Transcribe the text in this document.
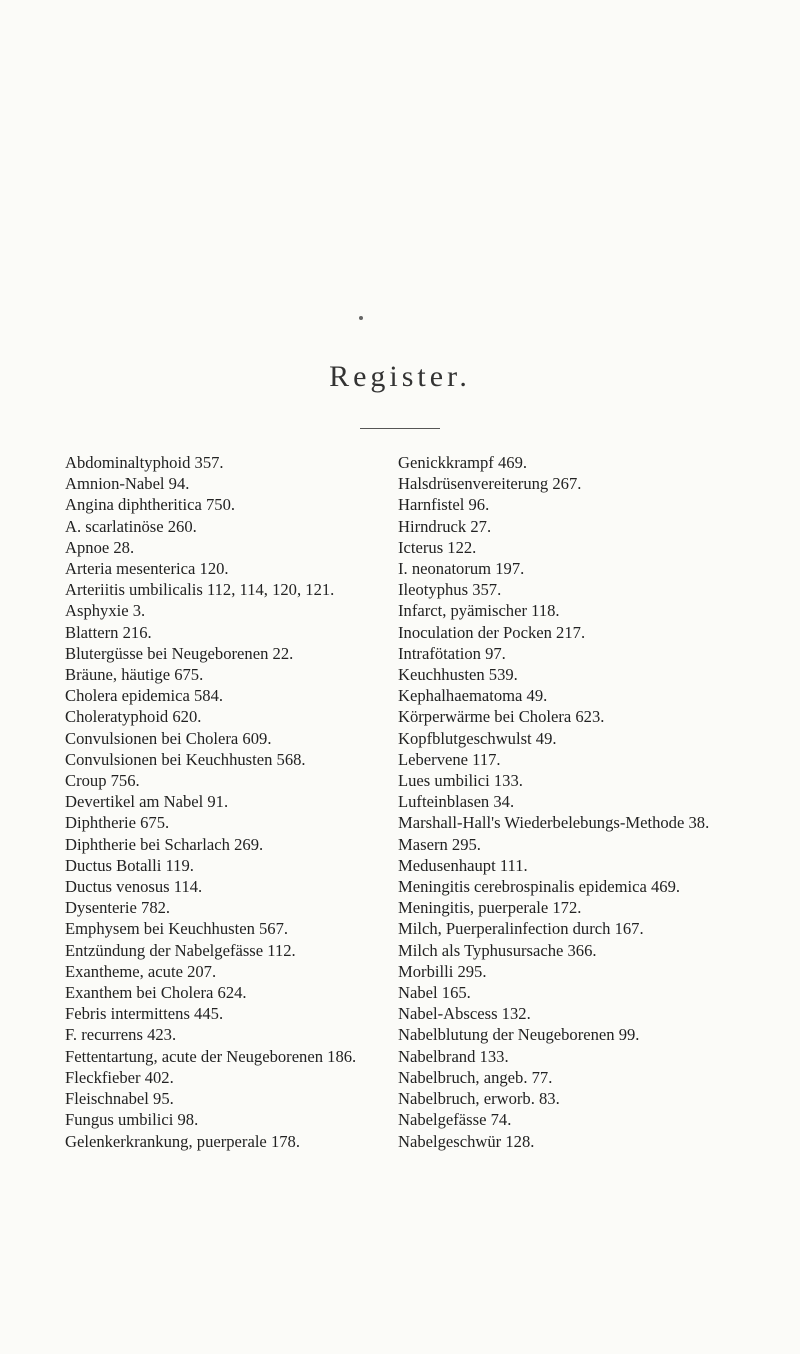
Register.
Abdominaltyphoid 357.
Amnion-Nabel 94.
Angina diphtheritica 750.
A. scarlatinöse 260.
Apnoe 28.
Arteria mesenterica 120.
Arteriitis umbilicalis 112, 114, 120, 121.
Asphyxie 3.
Blattern 216.
Blutergüsse bei Neugeborenen 22.
Bräune, häutige 675.
Cholera epidemica 584.
Choleratyphoid 620.
Convulsionen bei Cholera 609.
Convulsionen bei Keuchhusten 568.
Croup 756.
Devertikel am Nabel 91.
Diphtherie 675.
Diphtherie bei Scharlach 269.
Ductus Botalli 119.
Ductus venosus 114.
Dysenterie 782.
Emphysem bei Keuchhusten 567.
Entzündung der Nabelgefässe 112.
Exantheme, acute 207.
Exanthem bei Cholera 624.
Febris intermittens 445.
F. recurrens 423.
Fettentartung, acute der Neugeborenen 186.
Fleckfieber 402.
Fleischnabel 95.
Fungus umbilici 98.
Gelenkerkrankung, puerperale 178.
Genickkrampf 469.
Halsdrüsenvereiterung 267.
Harnfistel 96.
Hirndruck 27.
Icterus 122.
I. neonatorum 197.
Ileotyphus 357.
Infarct, pyämischer 118.
Inoculation der Pocken 217.
Intrafötation 97.
Keuchhusten 539.
Kephalhaematoma 49.
Körperwärme bei Cholera 623.
Kopfblutgeschwulst 49.
Lebervene 117.
Lues umbilici 133.
Lufteinblasen 34.
Marshall-Hall's Wiederbelebungs-Methode 38.
Masern 295.
Medusenhaupt 111.
Meningitis cerebrospinalis epidemica 469.
Meningitis, puerperale 172.
Milch, Puerperalinfection durch 167.
Milch als Typhusursache 366.
Morbilli 295.
Nabel 165.
Nabel-Abscess 132.
Nabelblutung der Neugeborenen 99.
Nabelbrand 133.
Nabelbruch, angeb. 77.
Nabelbruch, erworb. 83.
Nabelgefässe 74.
Nabelgeschwür 128.
